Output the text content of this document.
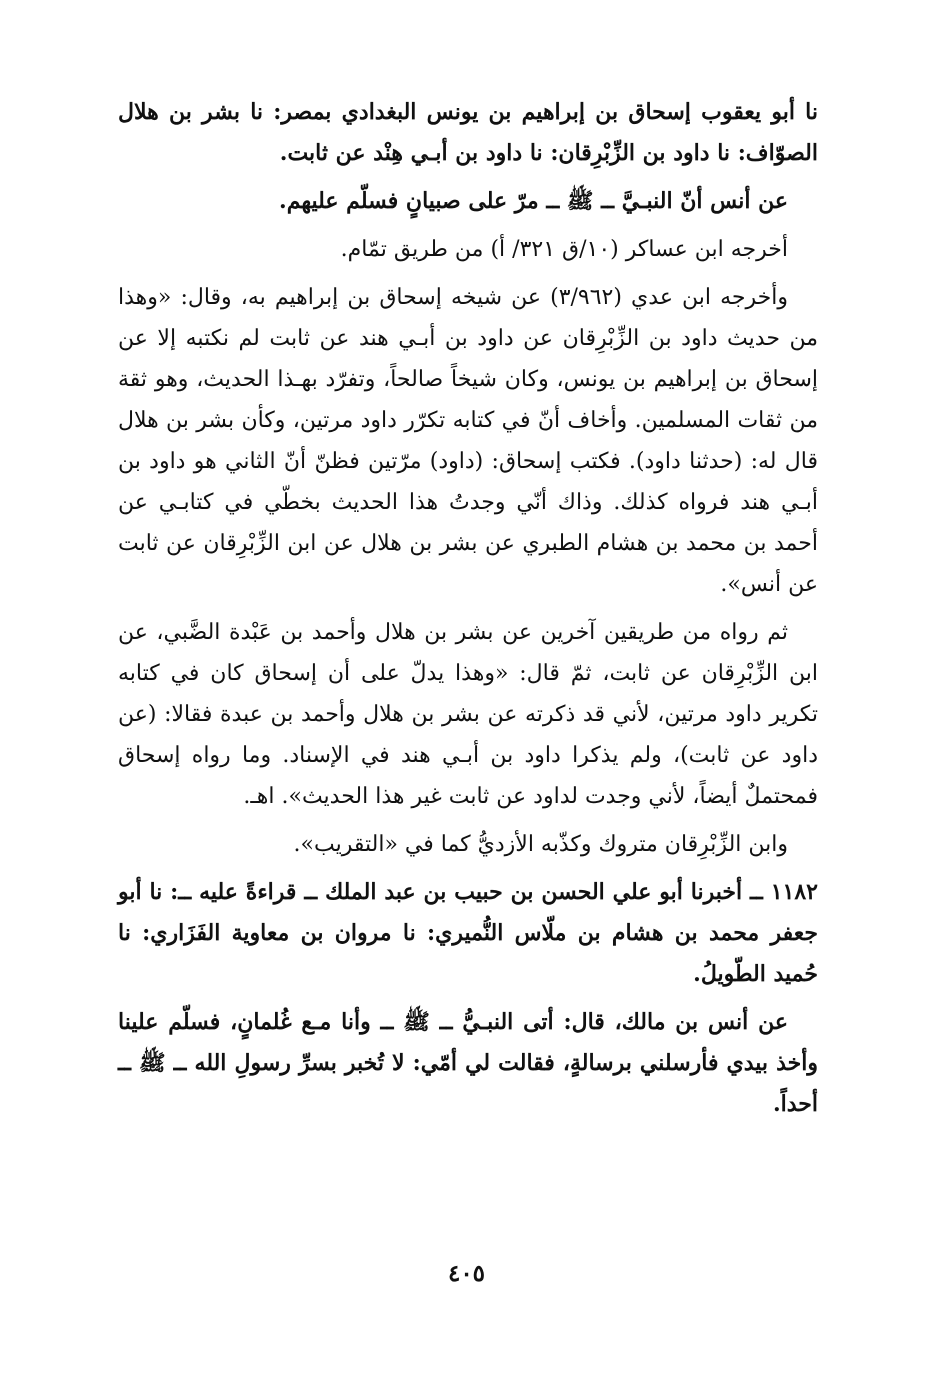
نا أبو يعقوب إسحاق بن إبراهيم بن يونس البغدادي بمصر: نا بشر بن هلال الصوّاف: نا داود بن الزِّبْرِقان: نا داود بن أبـي هِنْد عن ثابت.

عن أنس أنّ النبـيَّ ــ ﷺ ــ مرّ على صبيانٍ فسلّم عليهم.

أخرجه ابن عساكر (١٠/ق ٣٢١/ أ) من طريق تمّام.

وأخرجه ابن عدي (٣/٩٦٢) عن شيخه إسحاق بن إبراهيم به، وقال: «وهذا من حديث داود بن الزِّبْرِقان عن داود بن أبـي هند عن ثابت لم نكتبه إلا عن إسحاق بن إبراهيم بن يونس، وكان شيخاً صالحاً، وتفرّد بهـذا الحديث، وهو ثقة من ثقات المسلمين. وأخاف أنّ في كتابه تكرّر داود مرتين، وكأن بشر بن هلال قال له: (حدثنا داود). فكتب إسحاق: (داود) مرّتين فظنّ أنّ الثاني هو داود بن أبـي هند فرواه كذلك. وذاك أنّي وجدتُ هذا الحديث بخطّي في كتابـي عن أحمد بن محمد بن هشام الطبري عن بشر بن هلال عن ابن الزِّبْرِقان عن ثابت عن أنس».

ثم رواه من طريقين آخرين عن بشر بن هلال وأحمد بن عَبْدة الضَّبي، عن ابن الزِّبْرِقان عن ثابت، ثمّ قال: «وهذا يدلّ على أن إسحاق كان في كتابه تكرير داود مرتين، لأني قد ذكرته عن بشر بن هلال وأحمد بن عبدة فقالا: (عن داود عن ثابت)، ولم يذكرا داود بن أبـي هند في الإسناد. وما رواه إسحاق فمحتملٌ أيضاً، لأني وجدت لداود عن ثابت غير هذا الحديث». اهـ.

وابن الزِّبْرِقان متروك وكذّبه الأزديُّ كما في «التقريب».

١١٨٢ ــ أخبرنا أبو علي الحسن بن حبيب بن عبد الملك ــ قراءةً عليه ــ: نا أبو جعفر محمد بن هشام بن ملّاس النُّميري: نا مروان بن معاوية الفَزَاري: نا حُميد الطّويلُ.

عن أنس بن مالك، قال: أتى النبـيُّ ــ ﷺ ــ وأنا مـع غُلمانٍ، فسلّم علينا وأخذ بيدي فأرسلني برسالةٍ، فقالت لي أمّي: لا تُخبر بسرِّ رسولِ الله ــ ﷺ ــ أحداً.

٤٠٥
